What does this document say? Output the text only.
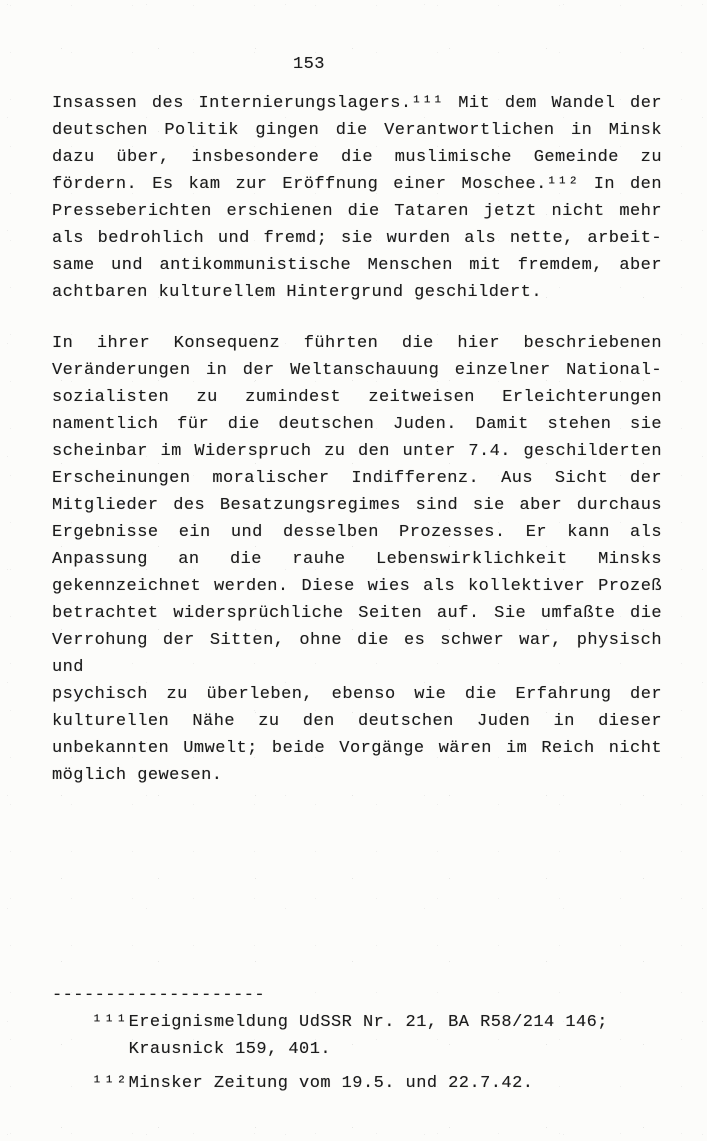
153
Insassen des Internierungslagers.¹¹¹ Mit dem Wandel der
deutschen Politik gingen die Verantwortlichen in Minsk
dazu über, insbesondere die muslimische Gemeinde zu
fördern. Es kam zur Eröffnung einer Moschee.¹¹² In den
Presseberichten erschienen die Tataren jetzt nicht mehr
als bedrohlich und fremd; sie wurden als nette, arbeit-
same und antikommunistische Menschen mit fremdem, aber
achtbaren kulturellem Hintergrund geschildert.
In ihrer Konsequenz führten die hier beschriebenen
Veränderungen in der Weltanschauung einzelner National-
sozialisten zu zumindest zeitweisen Erleichterungen
namentlich für die deutschen Juden. Damit stehen sie
scheinbar im Widerspruch zu den unter 7.4. geschilderten
Erscheinungen moralischer Indifferenz. Aus Sicht der
Mitglieder des Besatzungsregimes sind sie aber durchaus
Ergebnisse ein und desselben Prozesses. Er kann als
Anpassung an die rauhe Lebenswirklichkeit Minsks
gekennzeichnet werden. Diese wies als kollektiver Prozeß
betrachtet widersprüchliche Seiten auf. Sie umfaßte die
Verrohung der Sitten, ohne die es schwer war, physisch und
psychisch zu überleben, ebenso wie die Erfahrung der
kulturellen Nähe zu den deutschen Juden in dieser
unbekannten Umwelt; beide Vorgänge wären im Reich nicht
möglich gewesen.
--------------------
¹¹¹ Ereignismeldung UdSSR Nr. 21, BA R58/214 146;
Krausnick 159, 401.
¹¹² Minsker Zeitung vom 19.5. und 22.7.42.
